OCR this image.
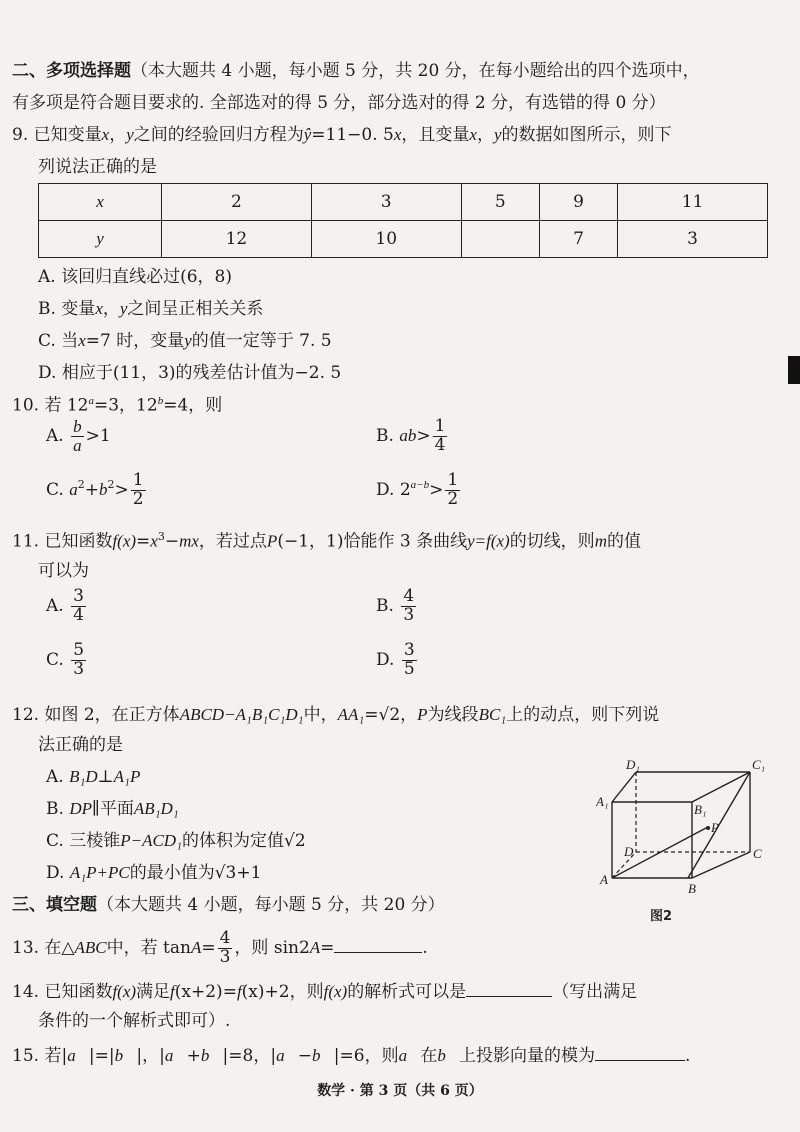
二、多项选择题（本大题共 4 小题，每小题 5 分，共 20 分，在每小题给出的四个选项中，
有多项是符合题目要求的. 全部选对的得 5 分，部分选对的得 2 分，有选错的得 0 分）
9. 已知变量x，y之间的经验回归方程为ŷ=11−0. 5x，且变量x，y的数据如图所示，则下
列说法正确的是
x	2	3	5	9	11
y	12	10		7	3
A. 该回归直线必过(6，8)
B. 变量x，y之间呈正相关关系
C. 当x=7 时，变量y的值一定等于 7. 5
D. 相应于(11，3)的残差估计值为−2. 5
10. 若 $12^a=3$，$12^b=4$，则
A. $\frac{b}{a} >1$	B. $ab> \frac{1}{4}$
C. $a^2+b^2> \frac{1}{2}$	D. $2^{a-b}> \frac{1}{2}$
11. 已知函数$f(x)=x^3-mx$，若过点P(−1，1)恰能作 3 条曲线y=f(x)的切线，则m的值
可以为
A. $\frac{3}{4}$	B. $\frac{4}{3}$
C. $\frac{5}{3}$	D. $\frac{3}{5}$
12. 如图 2，在正方体ABCD−A₁B₁C₁D₁中，AA₁=√2，P为线段BC₁上的动点，则下列说
法正确的是
A. B₁D⊥A₁P
B. DP∥平面AB₁D₁
C. 三棱锥P−ACD₁的体积为定值√2
D. A₁P+PC的最小值为√3+1
D₁	C₁
A₁
B₁
P
D	C
A
B
图2
三、填空题（本大题共 4 小题，每小题 5 分，共 20 分）
13. 在△ABC中，若 $\tan A= \frac{4}{3}$ ，则 sin2A=	.
14. 已知函数f(x)满足f(x+2)=f(x)+2，则f(x)的解析式可以是	（写出满足
条件的一个解析式即可）.
15. 若|a⃗|=|b⃗|，|a⃗+b⃗|=8，|a⃗−b⃗|=6，则a⃗在b⃗上投影向量的模为	.
数学 · 第 3 页（共 6 页）
